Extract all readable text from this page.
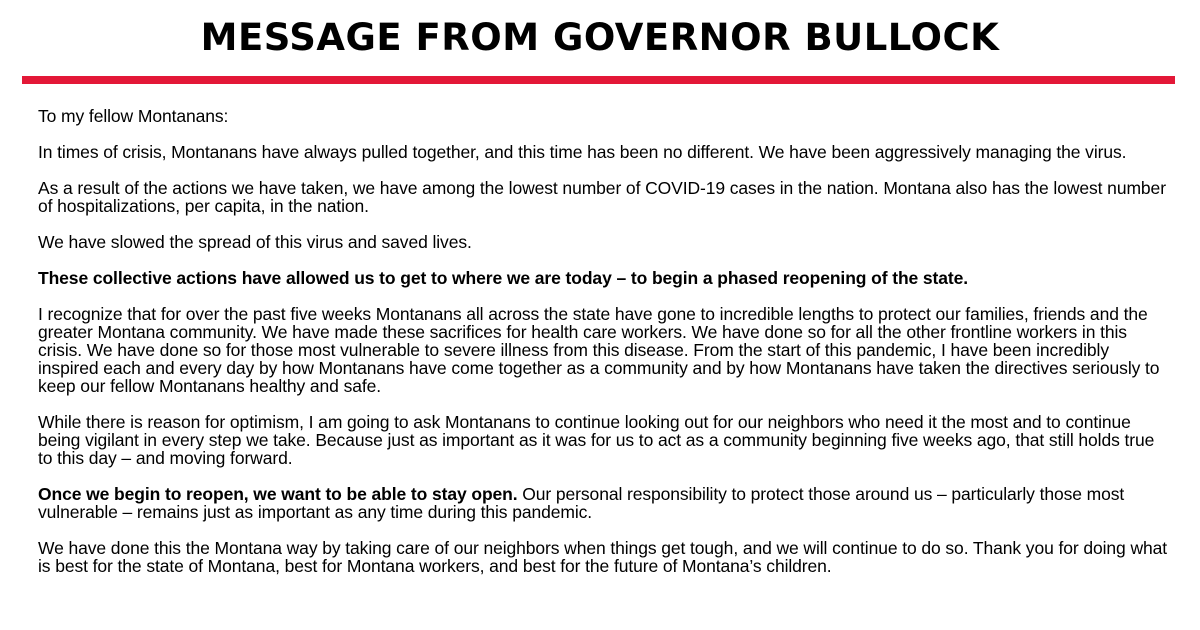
MESSAGE FROM GOVERNOR BULLOCK

To my fellow Montanans:

In times of crisis, Montanans have always pulled together, and this time has been no different. We have been aggressively managing the virus.

As a result of the actions we have taken, we have among the lowest number of COVID-19 cases in the nation. Montana also has the lowest number of hospitalizations, per capita, in the nation.

We have slowed the spread of this virus and saved lives.

These collective actions have allowed us to get to where we are today – to begin a phased reopening of the state.

I recognize that for over the past five weeks Montanans all across the state have gone to incredible lengths to protect our families, friends and the greater Montana community. We have made these sacrifices for health care workers. We have done so for all the other frontline workers in this crisis. We have done so for those most vulnerable to severe illness from this disease. From the start of this pandemic, I have been incredibly inspired each and every day by how Montanans have come together as a community and by how Montanans have taken the directives seriously to keep our fellow Montanans healthy and safe.

While there is reason for optimism, I am going to ask Montanans to continue looking out for our neighbors who need it the most and to continue being vigilant in every step we take. Because just as important as it was for us to act as a community beginning five weeks ago, that still holds true to this day – and moving forward.

Once we begin to reopen, we want to be able to stay open. Our personal responsibility to protect those around us – particularly those most vulnerable – remains just as important as any time during this pandemic.

We have done this the Montana way by taking care of our neighbors when things get tough, and we will continue to do so. Thank you for doing what is best for the state of Montana, best for Montana workers, and best for the future of Montana’s children.
